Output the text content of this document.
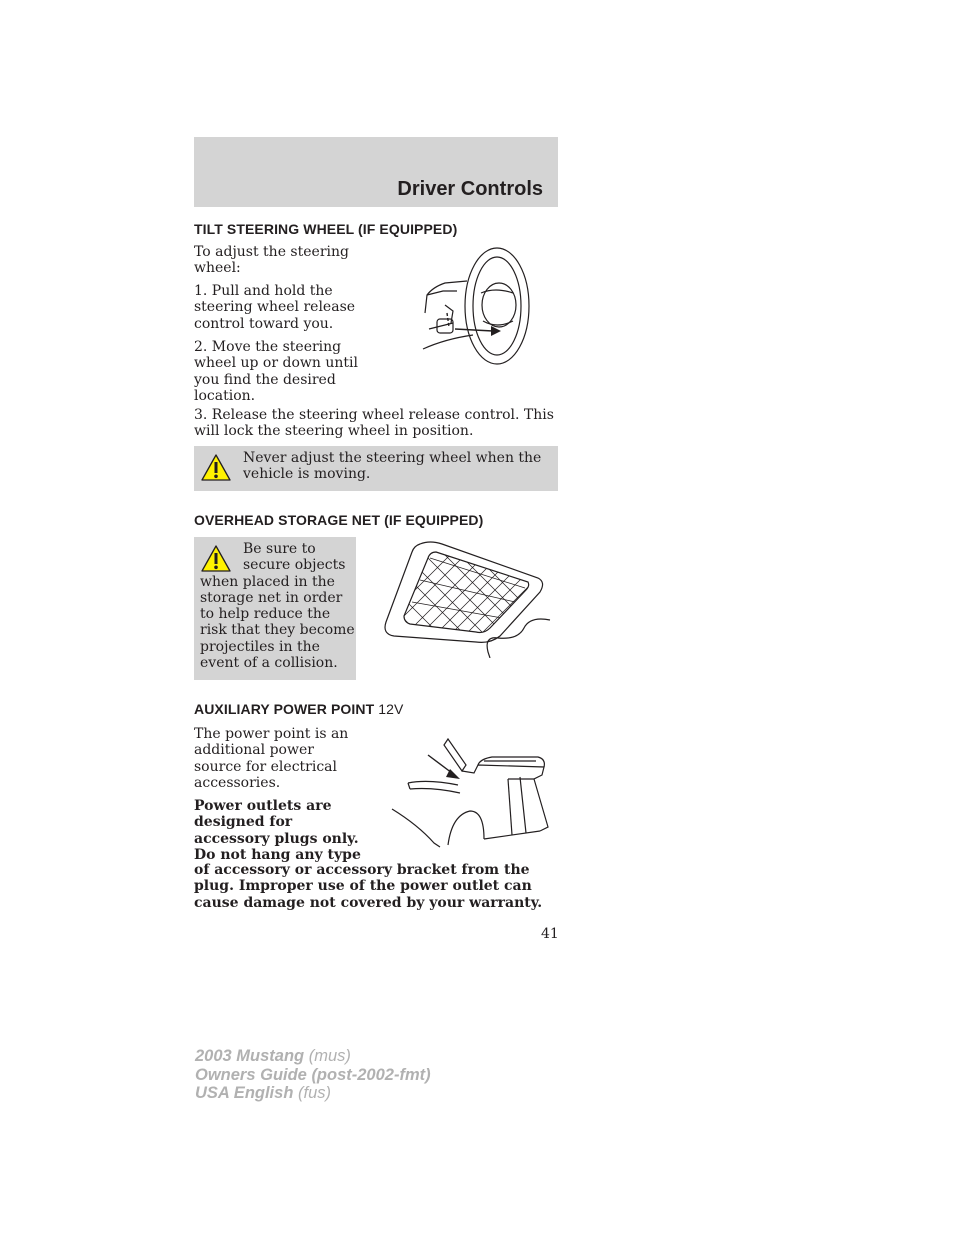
Driver Controls
TILT STEERING WHEEL (IF EQUIPPED)

To adjust the steering
wheel:

1. Pull and hold the
steering wheel release
control toward you.

2. Move the steering
wheel up or down until
you find the desired
location.

3. Release the steering wheel release control. This
will lock the steering wheel in position.

Never adjust the steering wheel when the
vehicle is moving.

OVERHEAD STORAGE NET (IF EQUIPPED)

Be sure to
secure objects

when placed in the
storage net in order
to help reduce the
risk that they become
projectiles in the
event of a collision.

AUXILIARY POWER POINT 12V

The power point is an
additional power
source for electrical
accessories.

Power outlets are
designed for
accessory plugs only.
Do not hang any type

of accessory or accessory bracket from the
plug. Improper use of the power outlet can
cause damage not covered by your warranty.

41
2003 Mustang (mus)
Owners Guide (post-2002-fmt)
USA English (fus)
